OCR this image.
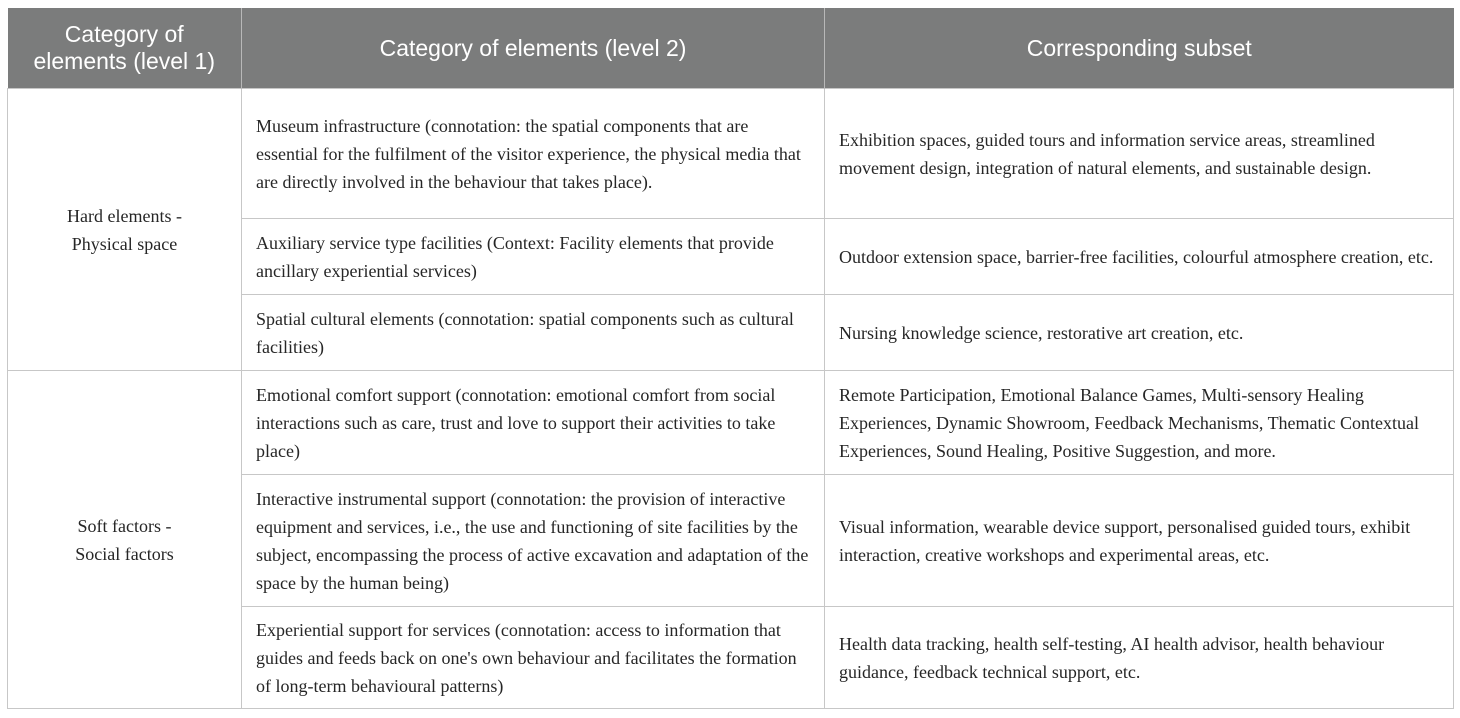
Category of
elements (level 1)	Category of elements (level 2)	Corresponding subset

Hard elements -
Physical space	Museum infrastructure (connotation: the spatial components that are essential for the fulfilment of the visitor experience, the physical media that are directly involved in the behaviour that takes place).	Exhibition spaces, guided tours and information service areas, streamlined movement design, integration of natural elements, and sustainable design.
	Auxiliary service type facilities (Context: Facility elements that provide ancillary experiential services)	Outdoor extension space, barrier-free facilities, colourful atmosphere creation, etc.
	Spatial cultural elements (connotation: spatial components such as cultural facilities)	Nursing knowledge science, restorative art creation, etc.

Soft factors -
Social factors	Emotional comfort support (connotation: emotional comfort from social interactions such as care, trust and love to support their activities to take place)	Remote Participation, Emotional Balance Games, Multi-sensory Healing Experiences, Dynamic Showroom, Feedback Mechanisms, Thematic Contextual Experiences, Sound Healing, Positive Suggestion, and more.
	Interactive instrumental support (connotation: the provision of interactive equipment and services, i.e., the use and functioning of site facilities by the subject, encompassing the process of active excavation and adaptation of the space by the human being)	Visual information, wearable device support, personalised guided tours, exhibit interaction, creative workshops and experimental areas, etc.
	Experiential support for services (connotation: access to information that guides and feeds back on one's own behaviour and facilitates the formation of long-term behavioural patterns)	Health data tracking, health self-testing, AI health advisor, health behaviour guidance, feedback technical support, etc.
